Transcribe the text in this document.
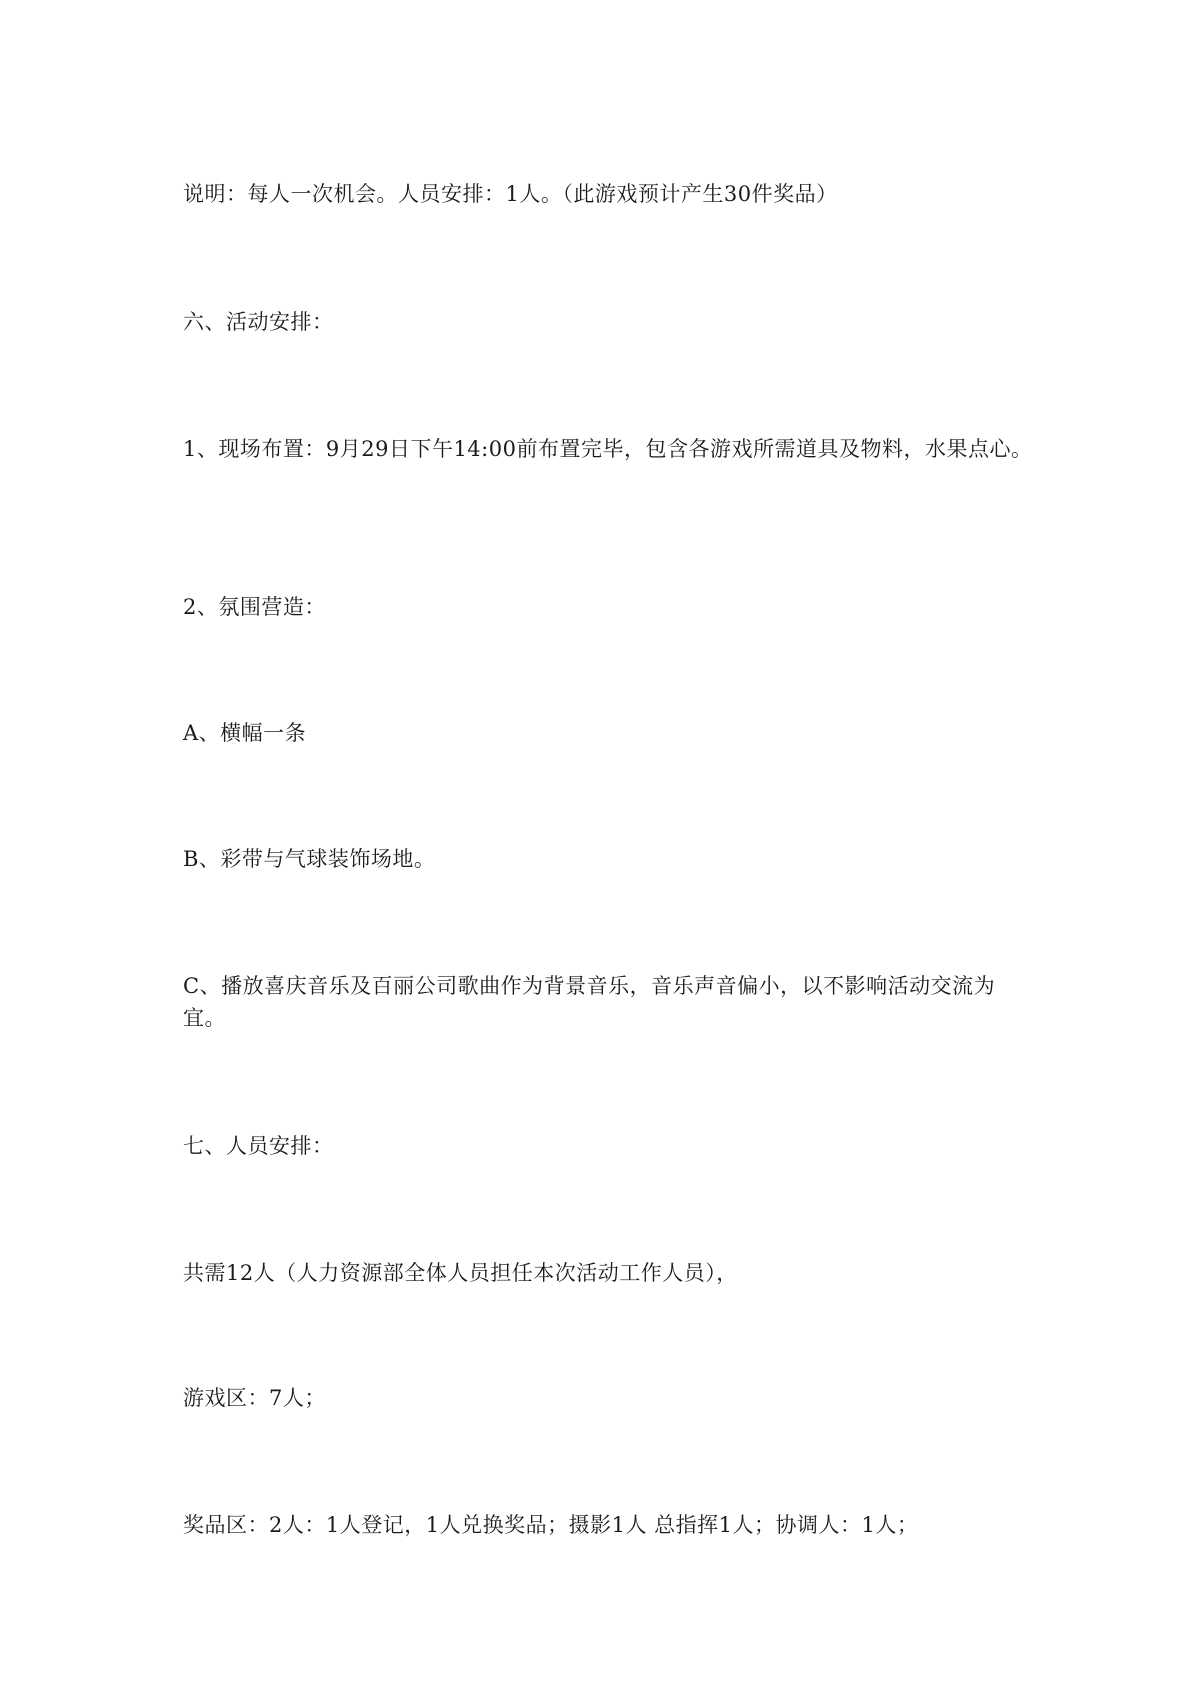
说明：每人一次机会。人员安排：1人。（此游戏预计产生30件奖品）

六、活动安排：

1、现场布置：9月29日下午14:00前布置完毕，包含各游戏所需道具及物料，水果点心。

2、氛围营造：

A、横幅一条

B、彩带与气球装饰场地。

C、播放喜庆音乐及百丽公司歌曲作为背景音乐，音乐声音偏小，以不影响活动交流为宜。

七、人员安排：

共需12人（人力资源部全体人员担任本次活动工作人员），

游戏区：7人；

奖品区：2人：1人登记，1人兑换奖品；摄影1人 总指挥1人；协调人：1人；
